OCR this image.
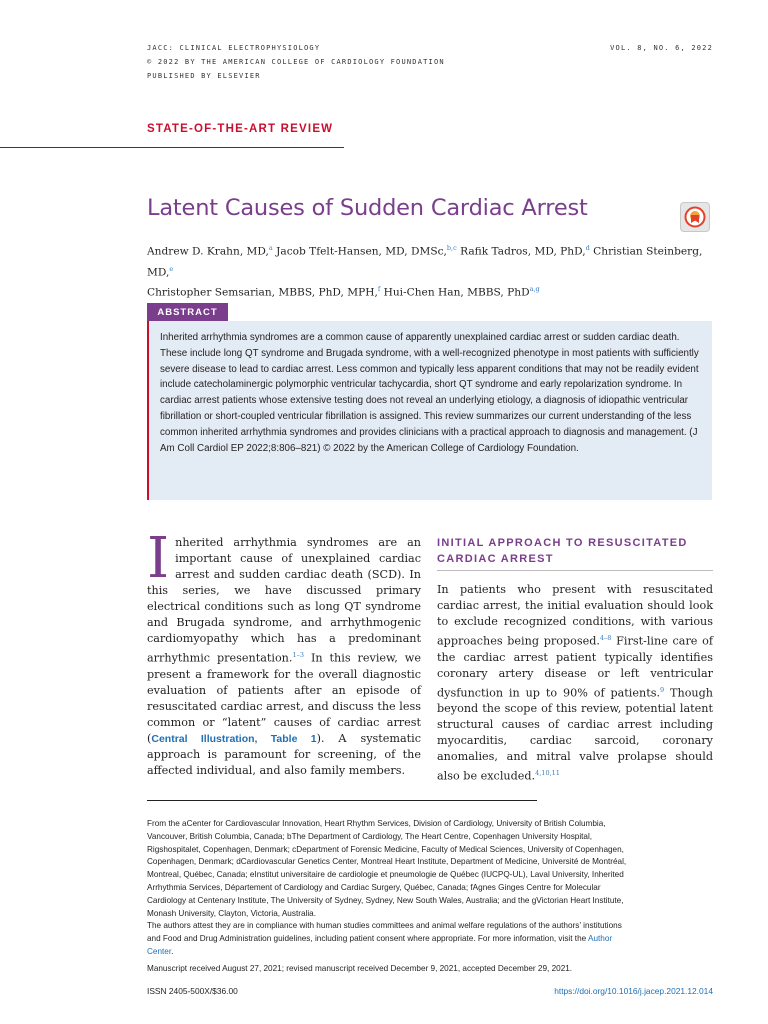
JACC: CLINICAL ELECTROPHYSIOLOGY
© 2022 BY THE AMERICAN COLLEGE OF CARDIOLOGY FOUNDATION
PUBLISHED BY ELSEVIER
VOL. 8, NO. 6, 2022
STATE-OF-THE-ART REVIEW
Latent Causes of Sudden Cardiac Arrest
Andrew D. Krahn, MD,$^a$ Jacob Tfelt-Hansen, MD, DMSc,$^{b,c}$ Rafik Tadros, MD, PhD,$^d$ Christian Steinberg, MD,$^e$
Christopher Semsarian, MBBS, PhD, MPH,$^f$ Hui-Chen Han, MBBS, PhD$^{a,g}$
ABSTRACT
Inherited arrhythmia syndromes are a common cause of apparently unexplained cardiac arrest or sudden cardiac death. These include long QT syndrome and Brugada syndrome, with a well-recognized phenotype in most patients with sufficiently severe disease to lead to cardiac arrest. Less common and typically less apparent conditions that may not be readily evident include catecholaminergic polymorphic ventricular tachycardia, short QT syndrome and early repolarization syndrome. In cardiac arrest patients whose extensive testing does not reveal an underlying etiology, a diagnosis of idiopathic ventricular fibrillation or short-coupled ventricular fibrillation is assigned. This review summarizes our current understanding of the less common inherited arrhythmia syndromes and provides clinicians with a practical approach to diagnosis and management. (J Am Coll Cardiol EP 2022;8:806–821) © 2022 by the American College of Cardiology Foundation.
Inherited arrhythmia syndromes are an important cause of unexplained cardiac arrest and sudden cardiac death (SCD). In this series, we have discussed primary electrical conditions such as long QT syndrome and Brugada syndrome, and arrhythmogenic cardiomyopathy which has a predominant arrhythmic presentation.$^{1-3}$ In this review, we present a framework for the overall diagnostic evaluation of patients after an episode of resuscitated cardiac arrest, and discuss the less common or “latent” causes of cardiac arrest (Central Illustration, Table 1). A systematic approach is paramount for screening, of the affected individual, and also family members.
INITIAL APPROACH TO RESUSCITATED CARDIAC ARREST
In patients who present with resuscitated cardiac arrest, the initial evaluation should look to exclude recognized conditions, with various approaches being proposed.$^{4-8}$ First-line care of the cardiac arrest patient typically identifies coronary artery disease or left ventricular dysfunction in up to 90% of patients.$^9$ Though beyond the scope of this review, potential latent structural causes of cardiac arrest including myocarditis, cardiac sarcoid, coronary anomalies, and mitral valve prolapse should also be excluded.$^{4,10,11}$
From the aCenter for Cardiovascular Innovation, Heart Rhythm Services, Division of Cardiology, University of British Columbia, Vancouver, British Columbia, Canada; bThe Department of Cardiology, The Heart Centre, Copenhagen University Hospital, Rigshospitalet, Copenhagen, Denmark; cDepartment of Forensic Medicine, Faculty of Medical Sciences, University of Copenhagen, Copenhagen, Denmark; dCardiovascular Genetics Center, Montreal Heart Institute, Department of Medicine, Université de Montréal, Montreal, Québec, Canada; eInstitut universitaire de cardiologie et pneumologie de Québec (IUCPQ-UL), Laval University, Inherited Arrhythmia Services, Département of Cardiology and Cardiac Surgery, Québec, Canada; fAgnes Ginges Centre for Molecular Cardiology at Centenary Institute, The University of Sydney, Sydney, New South Wales, Australia; and the gVictorian Heart Institute, Monash University, Clayton, Victoria, Australia.
The authors attest they are in compliance with human studies committees and animal welfare regulations of the authors’ institutions and Food and Drug Administration guidelines, including patient consent where appropriate. For more information, visit the Author Center.
Manuscript received August 27, 2021; revised manuscript received December 9, 2021, accepted December 29, 2021.
ISSN 2405-500X/$36.00	https://doi.org/10.1016/j.jacep.2021.12.014
